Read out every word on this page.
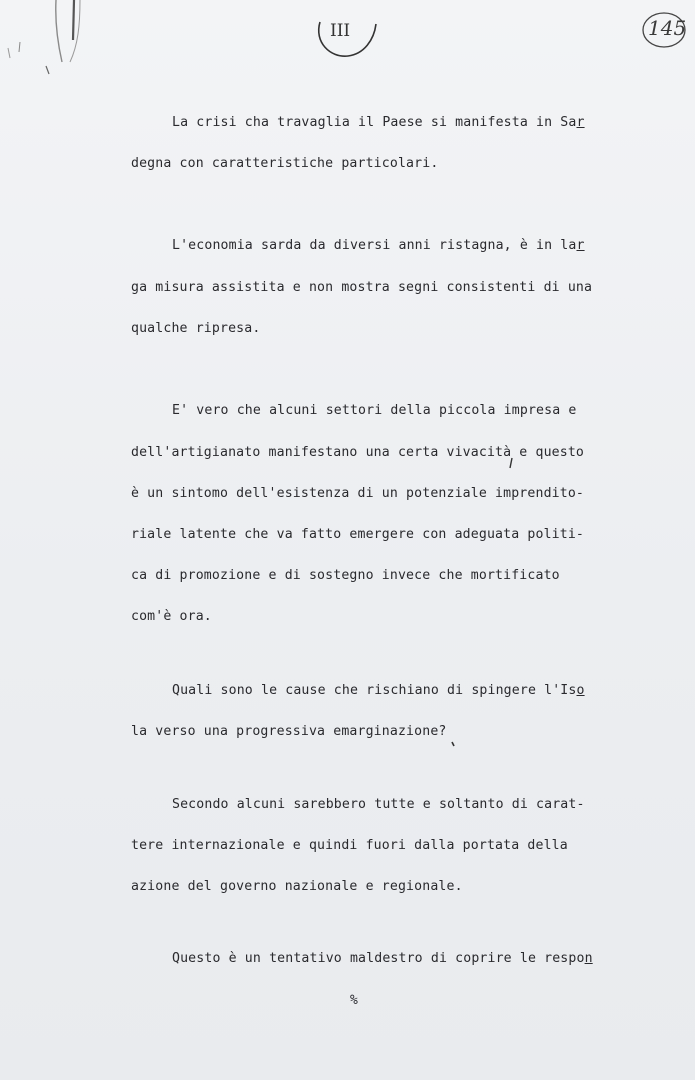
III	145
La crisi cha travaglia il Paese si manifesta in Sar
degna con caratteristiche particolari.
L'economia sarda da diversi anni ristagna, è in lar
ga misura assistita e non mostra segni consistenti di una
qualche ripresa.
E' vero che alcuni settori della piccola impresa e
dell'artigianato manifestano una certa vivacità e questo
è un sintomo dell'esistenza di un potenziale imprendito-
riale latente che va fatto emergere con adeguata politi-
ca di promozione e di sostegno invece che mortificato
com'è ora.
Quali sono le cause che rischiano di spingere l'Iso
la verso una progressiva emarginazione?
Secondo alcuni sarebbero tutte e soltanto di carat-
tere internazionale e quindi fuori dalla portata della
azione del governo nazionale e regionale.
Questo è un tentativo maldestro di coprire le respon
%
